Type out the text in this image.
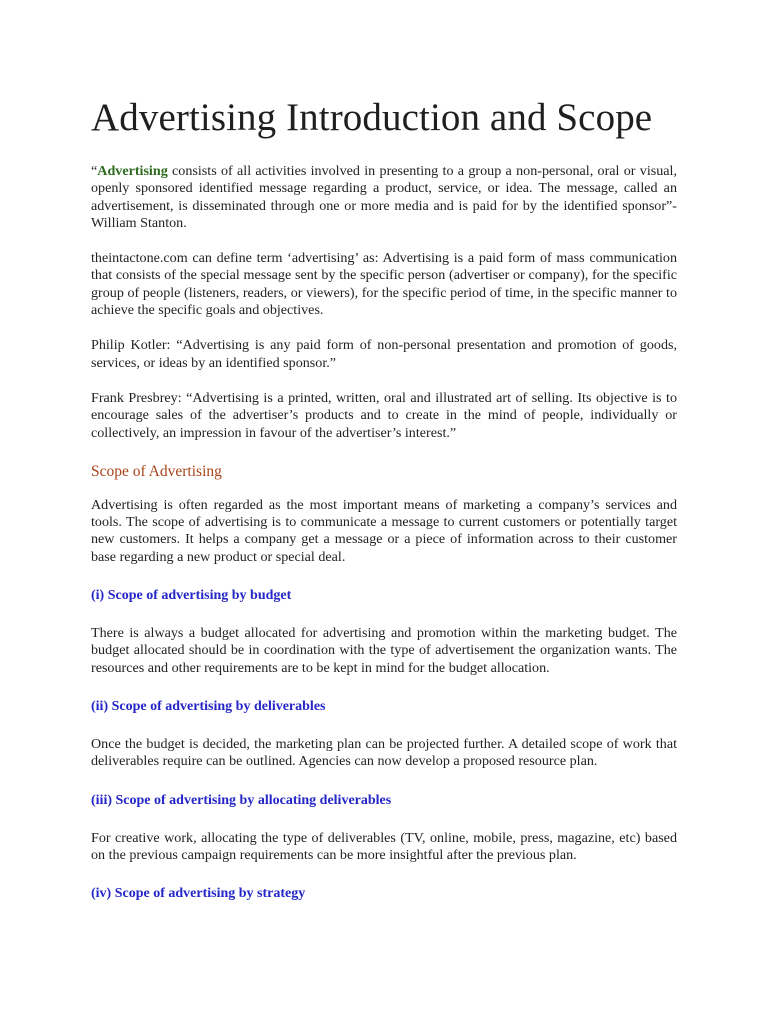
Advertising Introduction and Scope

“Advertising consists of all activities involved in presenting to a group a non-personal, oral or visual, openly sponsored identified message regarding a product, service, or idea. The message, called an advertisement, is disseminated through one or more media and is paid for by the identified sponsor”-William Stanton.

theintactone.com can define term ‘advertising’ as: Advertising is a paid form of mass communication that consists of the special message sent by the specific person (advertiser or company), for the specific group of people (listeners, readers, or viewers), for the specific period of time, in the specific manner to achieve the specific goals and objectives.

Philip Kotler: “Advertising is any paid form of non-personal presentation and promotion of goods, services, or ideas by an identified sponsor.”

Frank Presbrey: “Advertising is a printed, written, oral and illustrated art of selling. Its objective is to encourage sales of the advertiser’s products and to create in the mind of people, individually or collectively, an impression in favour of the advertiser’s interest.”

Scope of Advertising

Advertising is often regarded as the most important means of marketing a company’s services and tools. The scope of advertising is to communicate a message to current customers or potentially target new customers. It helps a company get a message or a piece of information across to their customer base regarding a new product or special deal.

(i) Scope of advertising by budget

There is always a budget allocated for advertising and promotion within the marketing budget. The budget allocated should be in coordination with the type of advertisement the organization wants. The resources and other requirements are to be kept in mind for the budget allocation.

(ii) Scope of advertising by deliverables

Once the budget is decided, the marketing plan can be projected further. A detailed scope of work that deliverables require can be outlined. Agencies can now develop a proposed resource plan.

(iii) Scope of advertising by allocating deliverables

For creative work, allocating the type of deliverables (TV, online, mobile, press, magazine, etc) based on the previous campaign requirements can be more insightful after the previous plan.

(iv) Scope of advertising by strategy
